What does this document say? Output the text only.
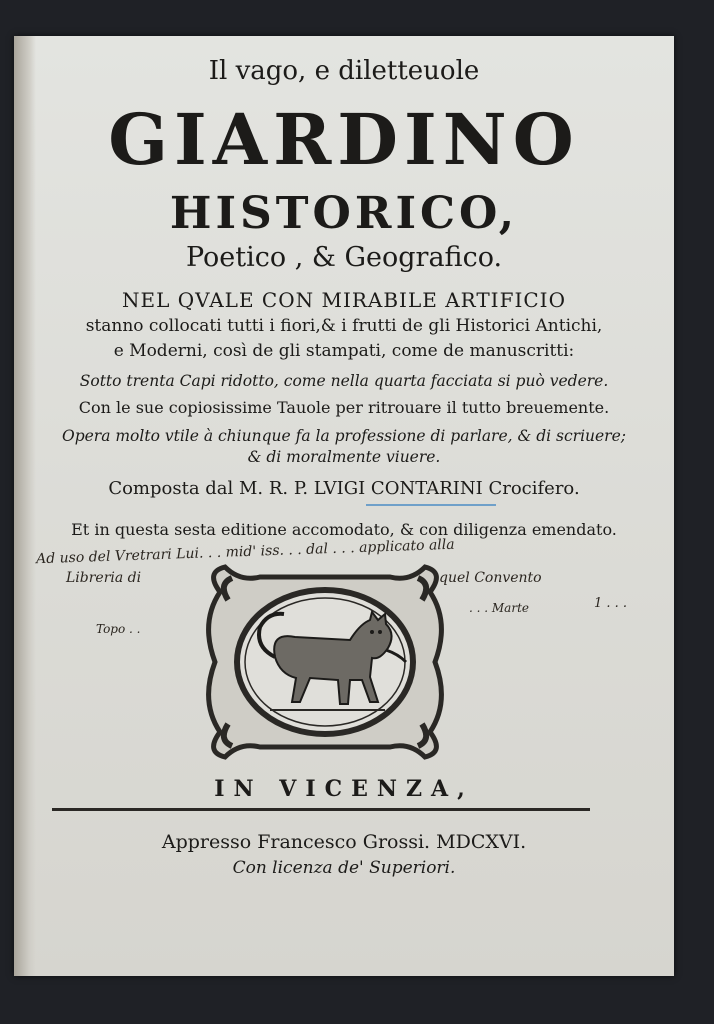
Il vago, e diletteuole
GIARDINO
HISTORICO,
Poetico , & Geografico.
NEL QVALE CON MIRABILE ARTIFICIO
stanno collocati tutti i fiori,& i frutti de gli Historici Antichi,
e Moderni, così de gli stampati, come de manuscritti:
Sotto trenta Capi ridotto, come nella quarta facciata si può vedere.
Con le sue copiosissime Tauole per ritrouare il tutto breuemente.
Opera molto vtile à chiunque fa la professione di parlare, & di scriuere;
& di moralmente viuere.
Composta dal M. R. P. LVIGI CONTARINI Crocifero.
Et in questa sesta editione accomodato, & con diligenza emendato.
Ad uso del Vretrari Lui. . . mid' iss. . . dal . . . applicato alla
Libreria di	quel Convento
Topo . .
. . . Marte	1 . . .
IN VICENZA,
Appresso Francesco Grossi. MDCXVI.
Con licenza de' Superiori.
